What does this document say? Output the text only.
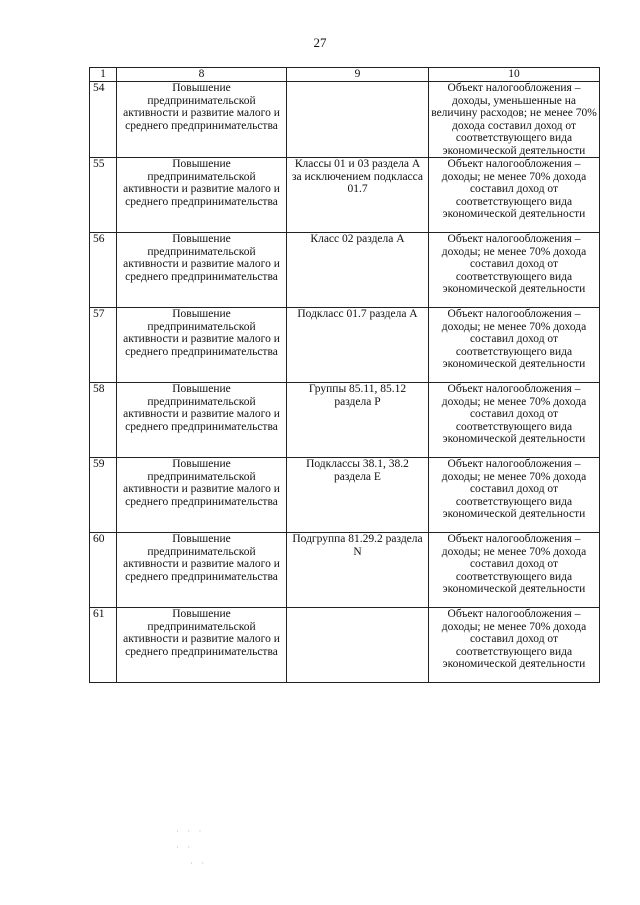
27
1	8	9	10
54	Повышение предпринимательской активности и развитие малого и среднего предпринимательства		Объект налогообложения – доходы, уменьшенные на величину расходов; не менее 70% дохода составил доход от соответствующего вида экономической деятельности
55	Повышение предпринимательской активности и развитие малого и среднего предпринимательства	Классы 01 и 03 раздела А за исключением подкласса 01.7	Объект налогообложения – доходы; не менее 70% дохода составил доход от соответствующего вида экономической деятельности
56	Повышение предпринимательской активности и развитие малого и среднего предпринимательства	Класс 02 раздела А	Объект налогообложения – доходы; не менее 70% дохода составил доход от соответствующего вида экономической деятельности
57	Повышение предпринимательской активности и развитие малого и среднего предпринимательства	Подкласс 01.7 раздела А	Объект налогообложения – доходы; не менее 70% дохода составил доход от соответствующего вида экономической деятельности
58	Повышение предпринимательской активности и развитие малого и среднего предпринимательства	Группы 85.11, 85.12 раздела Р	Объект налогообложения – доходы; не менее 70% дохода составил доход от соответствующего вида экономической деятельности
59	Повышение предпринимательской активности и развитие малого и среднего предпринимательства	Подклассы 38.1, 38.2 раздела Е	Объект налогообложения – доходы; не менее 70% дохода составил доход от соответствующего вида экономической деятельности
60	Повышение предпринимательской активности и развитие малого и среднего предпринимательства	Подгруппа 81.29.2 раздела N	Объект налогообложения – доходы; не менее 70% дохода составил доход от соответствующего вида экономической деятельности
61	Повышение предпринимательской активности и развитие малого и среднего предпринимательства		Объект налогообложения – доходы; не менее 70% дохода составил доход от соответствующего вида экономической деятельности
· · ·
· ·
· ·
